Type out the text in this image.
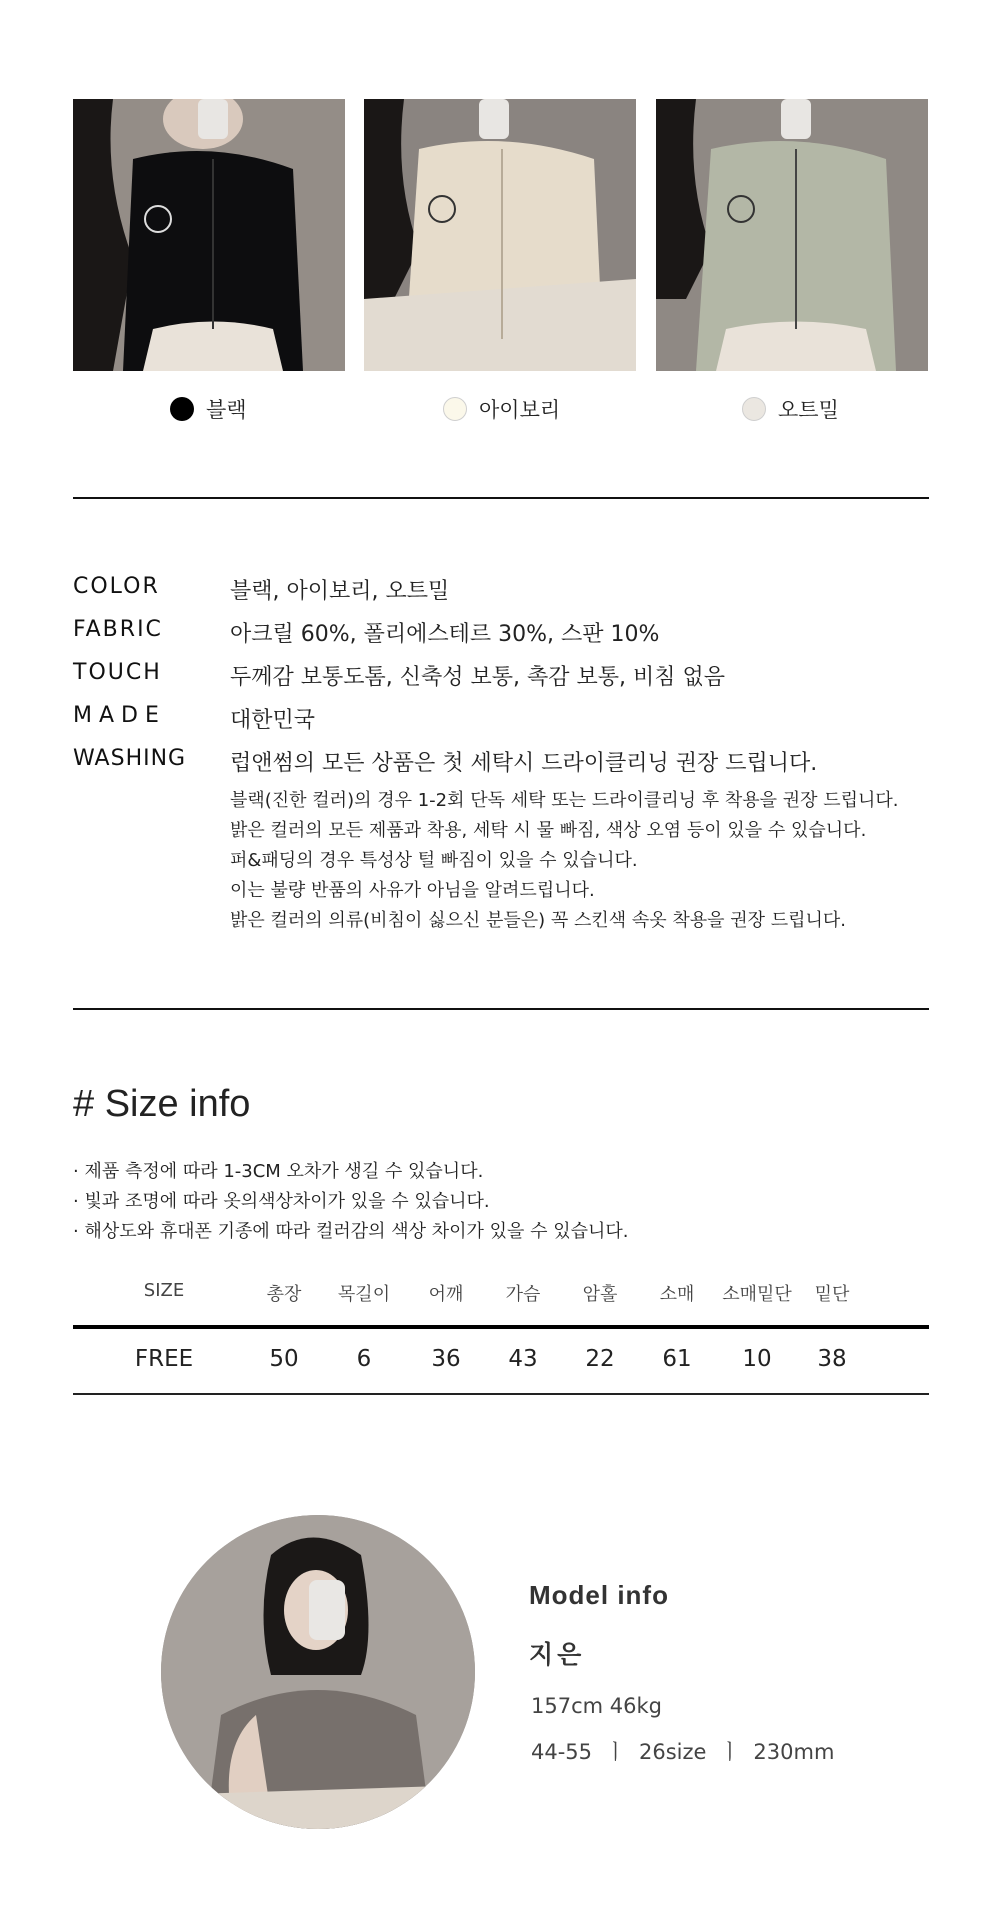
블랙	아이보리	오트밀
COLOR	블랙, 아이보리, 오트밀
FABRIC	아크릴 60%, 폴리에스테르 30%, 스판 10%
TOUCH	두께감 보통도톰, 신축성 보통, 촉감 보통, 비침 없음
MADE	대한민국
WASHING 럽앤썸의 모든 상품은 첫 세탁시 드라이클리닝 권장 드립니다.
블랙(진한 컬러)의 경우 1-2회 단독 세탁 또는 드라이클리닝 후 착용을 권장 드립니다.
밝은 컬러의 모든 제품과 착용, 세탁 시 물 빠짐, 색상 오염 등이 있을 수 있습니다.
퍼&패딩의 경우 특성상 털 빠짐이 있을 수 있습니다.
이는 불량 반품의 사유가 아님을 알려드립니다.
밝은 컬러의 의류(비침이 싫으신 분들은) 꼭 스킨색 속옷 착용을 권장 드립니다.
# Size info
· 제품 측정에 따라 1-3CM 오차가 생길 수 있습니다.
· 빛과 조명에 따라 옷의색상차이가 있을 수 있습니다.
· 해상도와 휴대폰 기종에 따라 컬러감의 색상 차이가 있을 수 있습니다.
SIZE	총장 목길이 어깨 가슴 암홀 소매 소매밑단 밑단
FREE	50	6	36 43 22 61 10 38
Model info
지은
157cm 46kg
44-55  ㅣ  26size  ㅣ  230mm
